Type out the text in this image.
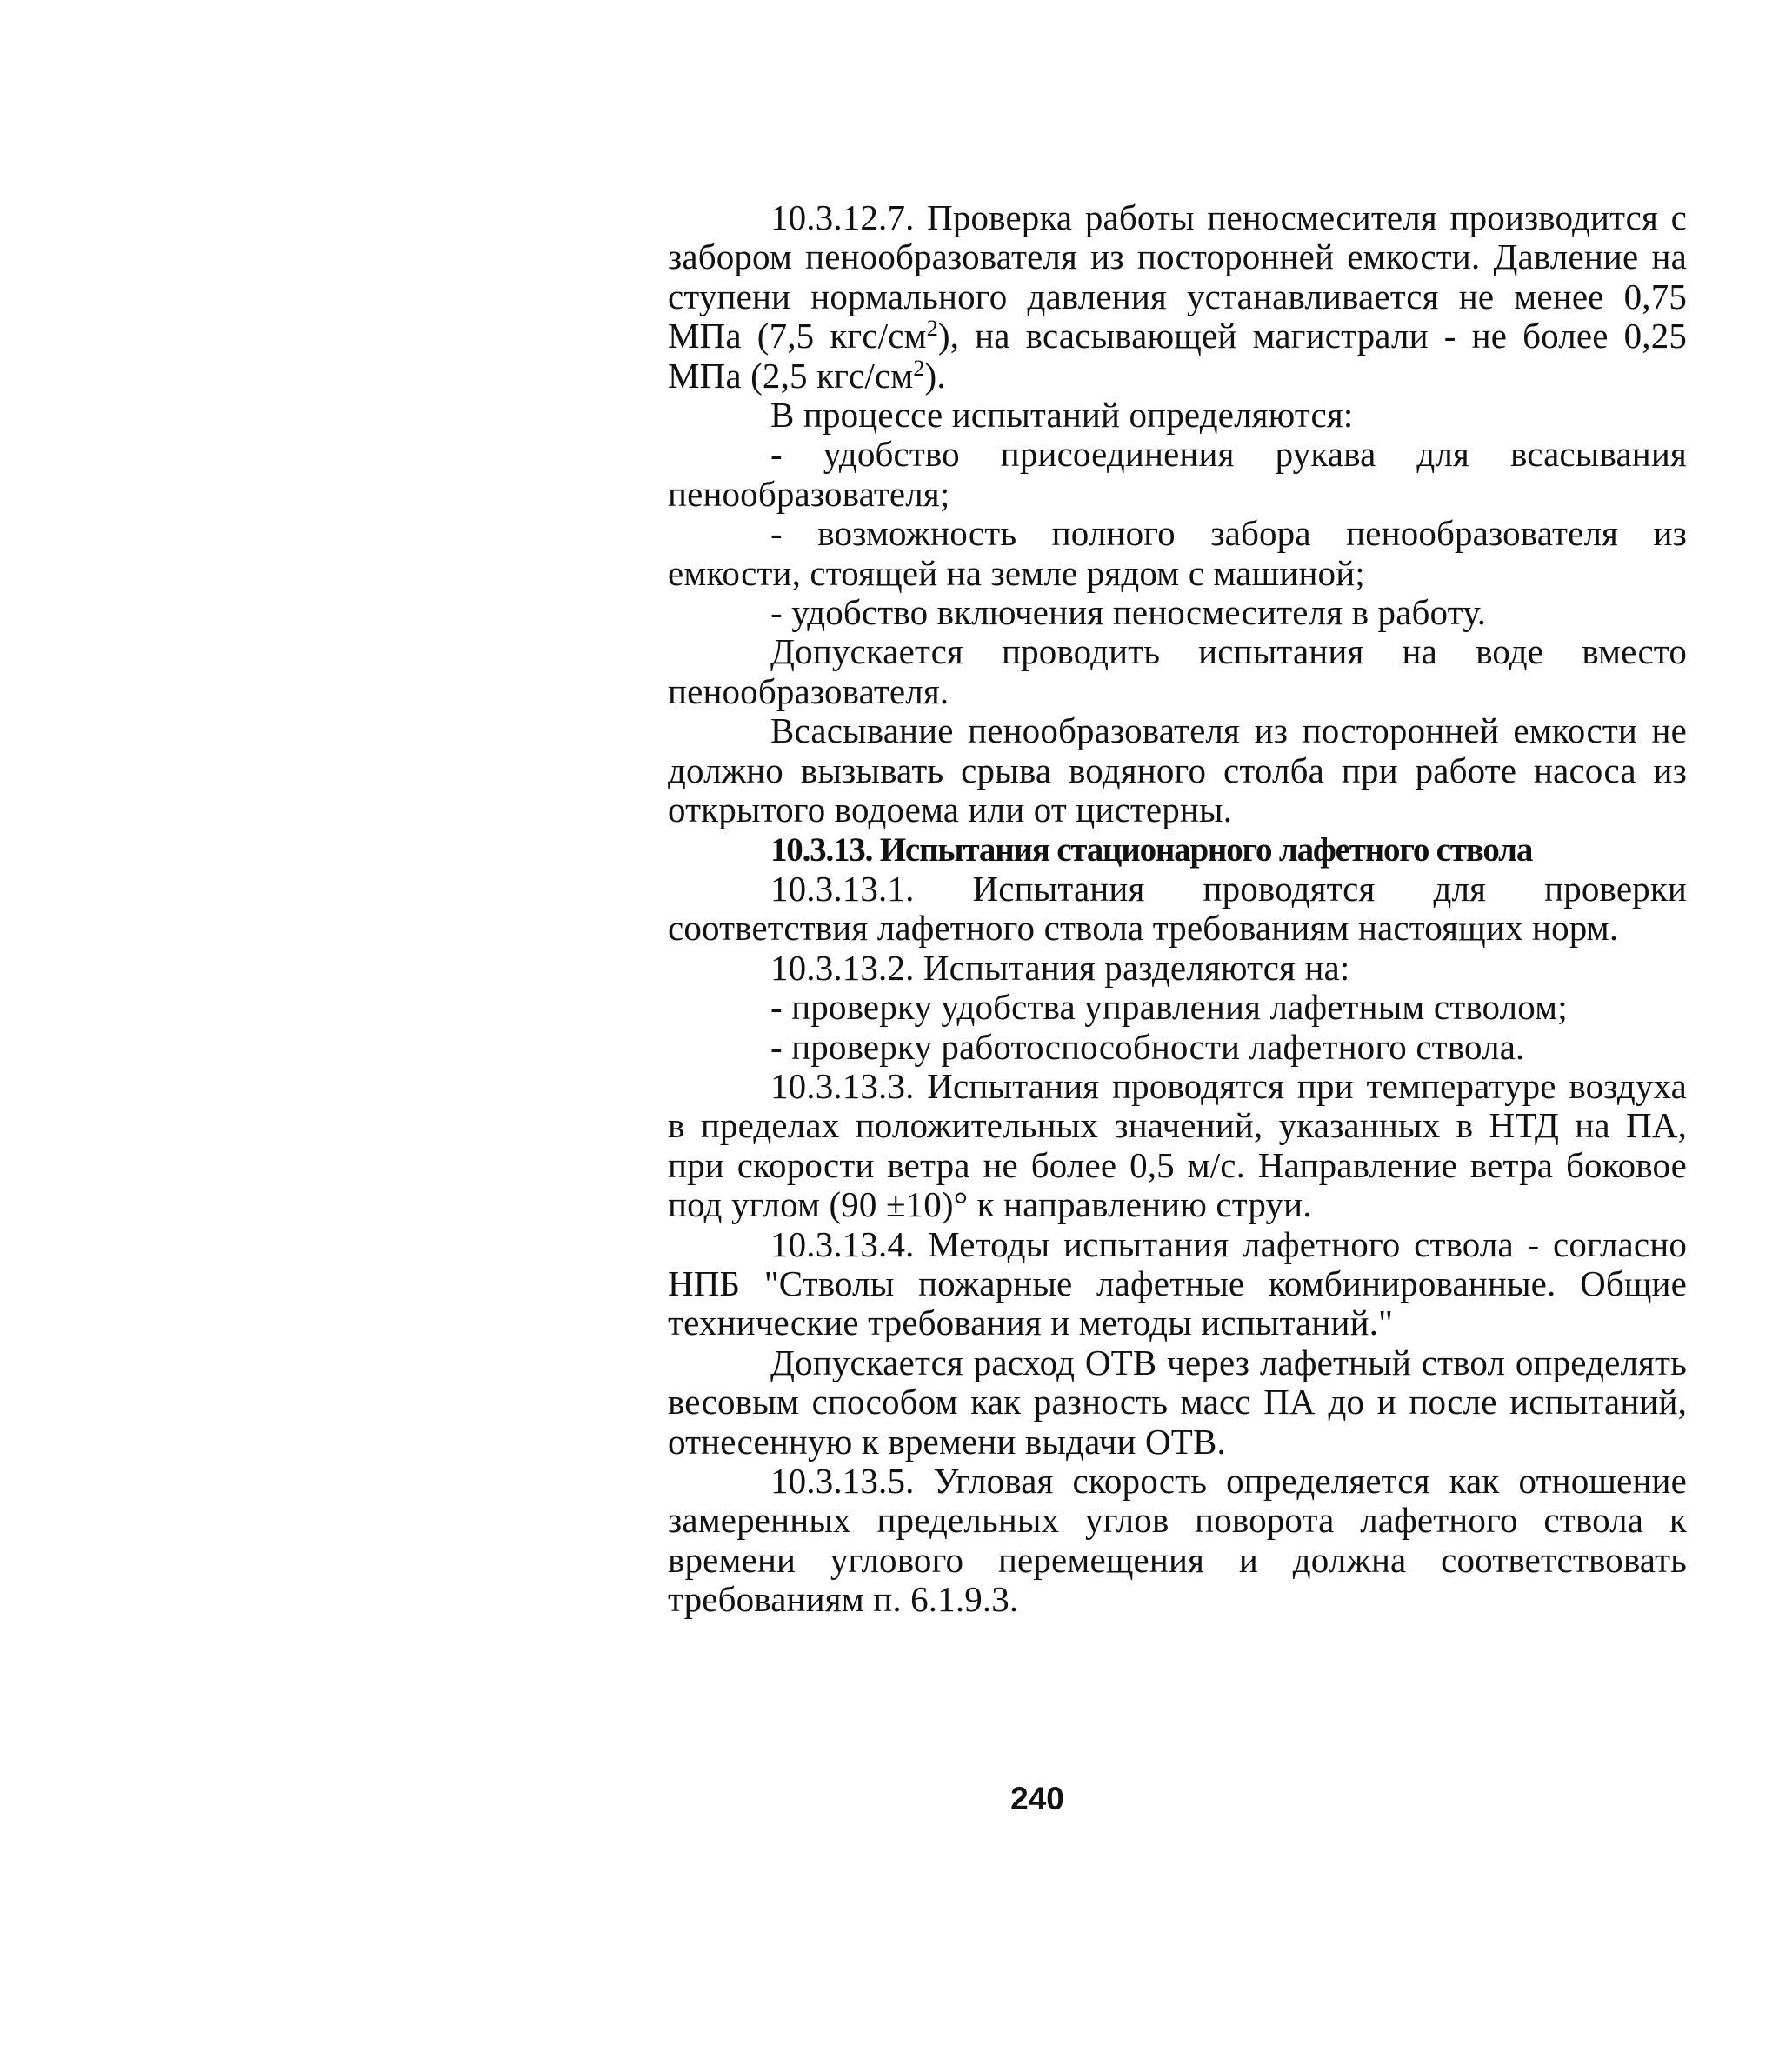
10.3.12.7. Проверка работы пеносмесителя производится с забором пенообразователя из посторонней емкости. Давление на ступени нормального давления устанавливается не менее 0,75 МПа (7,5 кгс/$см^2$), на всасывающей магистрали - не более 0,25 МПа (2,5 кгс/$см^2$).

В процессе испытаний определяются:

- удобство присоединения рукава для всасывания пенообразователя;

- возможность полного забора пенообразователя из емкости, стоящей на земле рядом с машиной;

- удобство включения пеносмесителя в работу.

Допускается проводить испытания на воде вместо пенообразователя.

Всасывание пенообразователя из посторонней емкости не должно вызывать срыва водяного столба при работе насоса из открытого водоема или от цистерны.

10.3.13. Испытания стационарного лафетного ствола

10.3.13.1. Испытания проводятся для проверки соответствия лафетного ствола требованиям настоящих норм.

10.3.13.2. Испытания разделяются на:

- проверку удобства управления лафетным стволом;

- проверку работоспособности лафетного ствола.

10.3.13.3. Испытания проводятся при температуре воздуха в пределах положительных значений, указанных в НТД на ПА, при скорости ветра не более 0,5 м/с. Направление ветра боковое под углом (90 ±10)° к направлению струи.

10.3.13.4. Методы испытания лафетного ствола - согласно НПБ "Стволы пожарные лафетные комбинированные. Общие технические требования и методы испытаний."

Допускается расход ОТВ через лафетный ствол определять весовым способом как разность масс ПА до и после испытаний, отнесенную к времени выдачи ОТВ.

10.3.13.5. Угловая скорость определяется как отношение замеренных предельных углов поворота лафетного ствола к времени углового перемещения и должна соответствовать требованиям п. 6.1.9.3.

240
